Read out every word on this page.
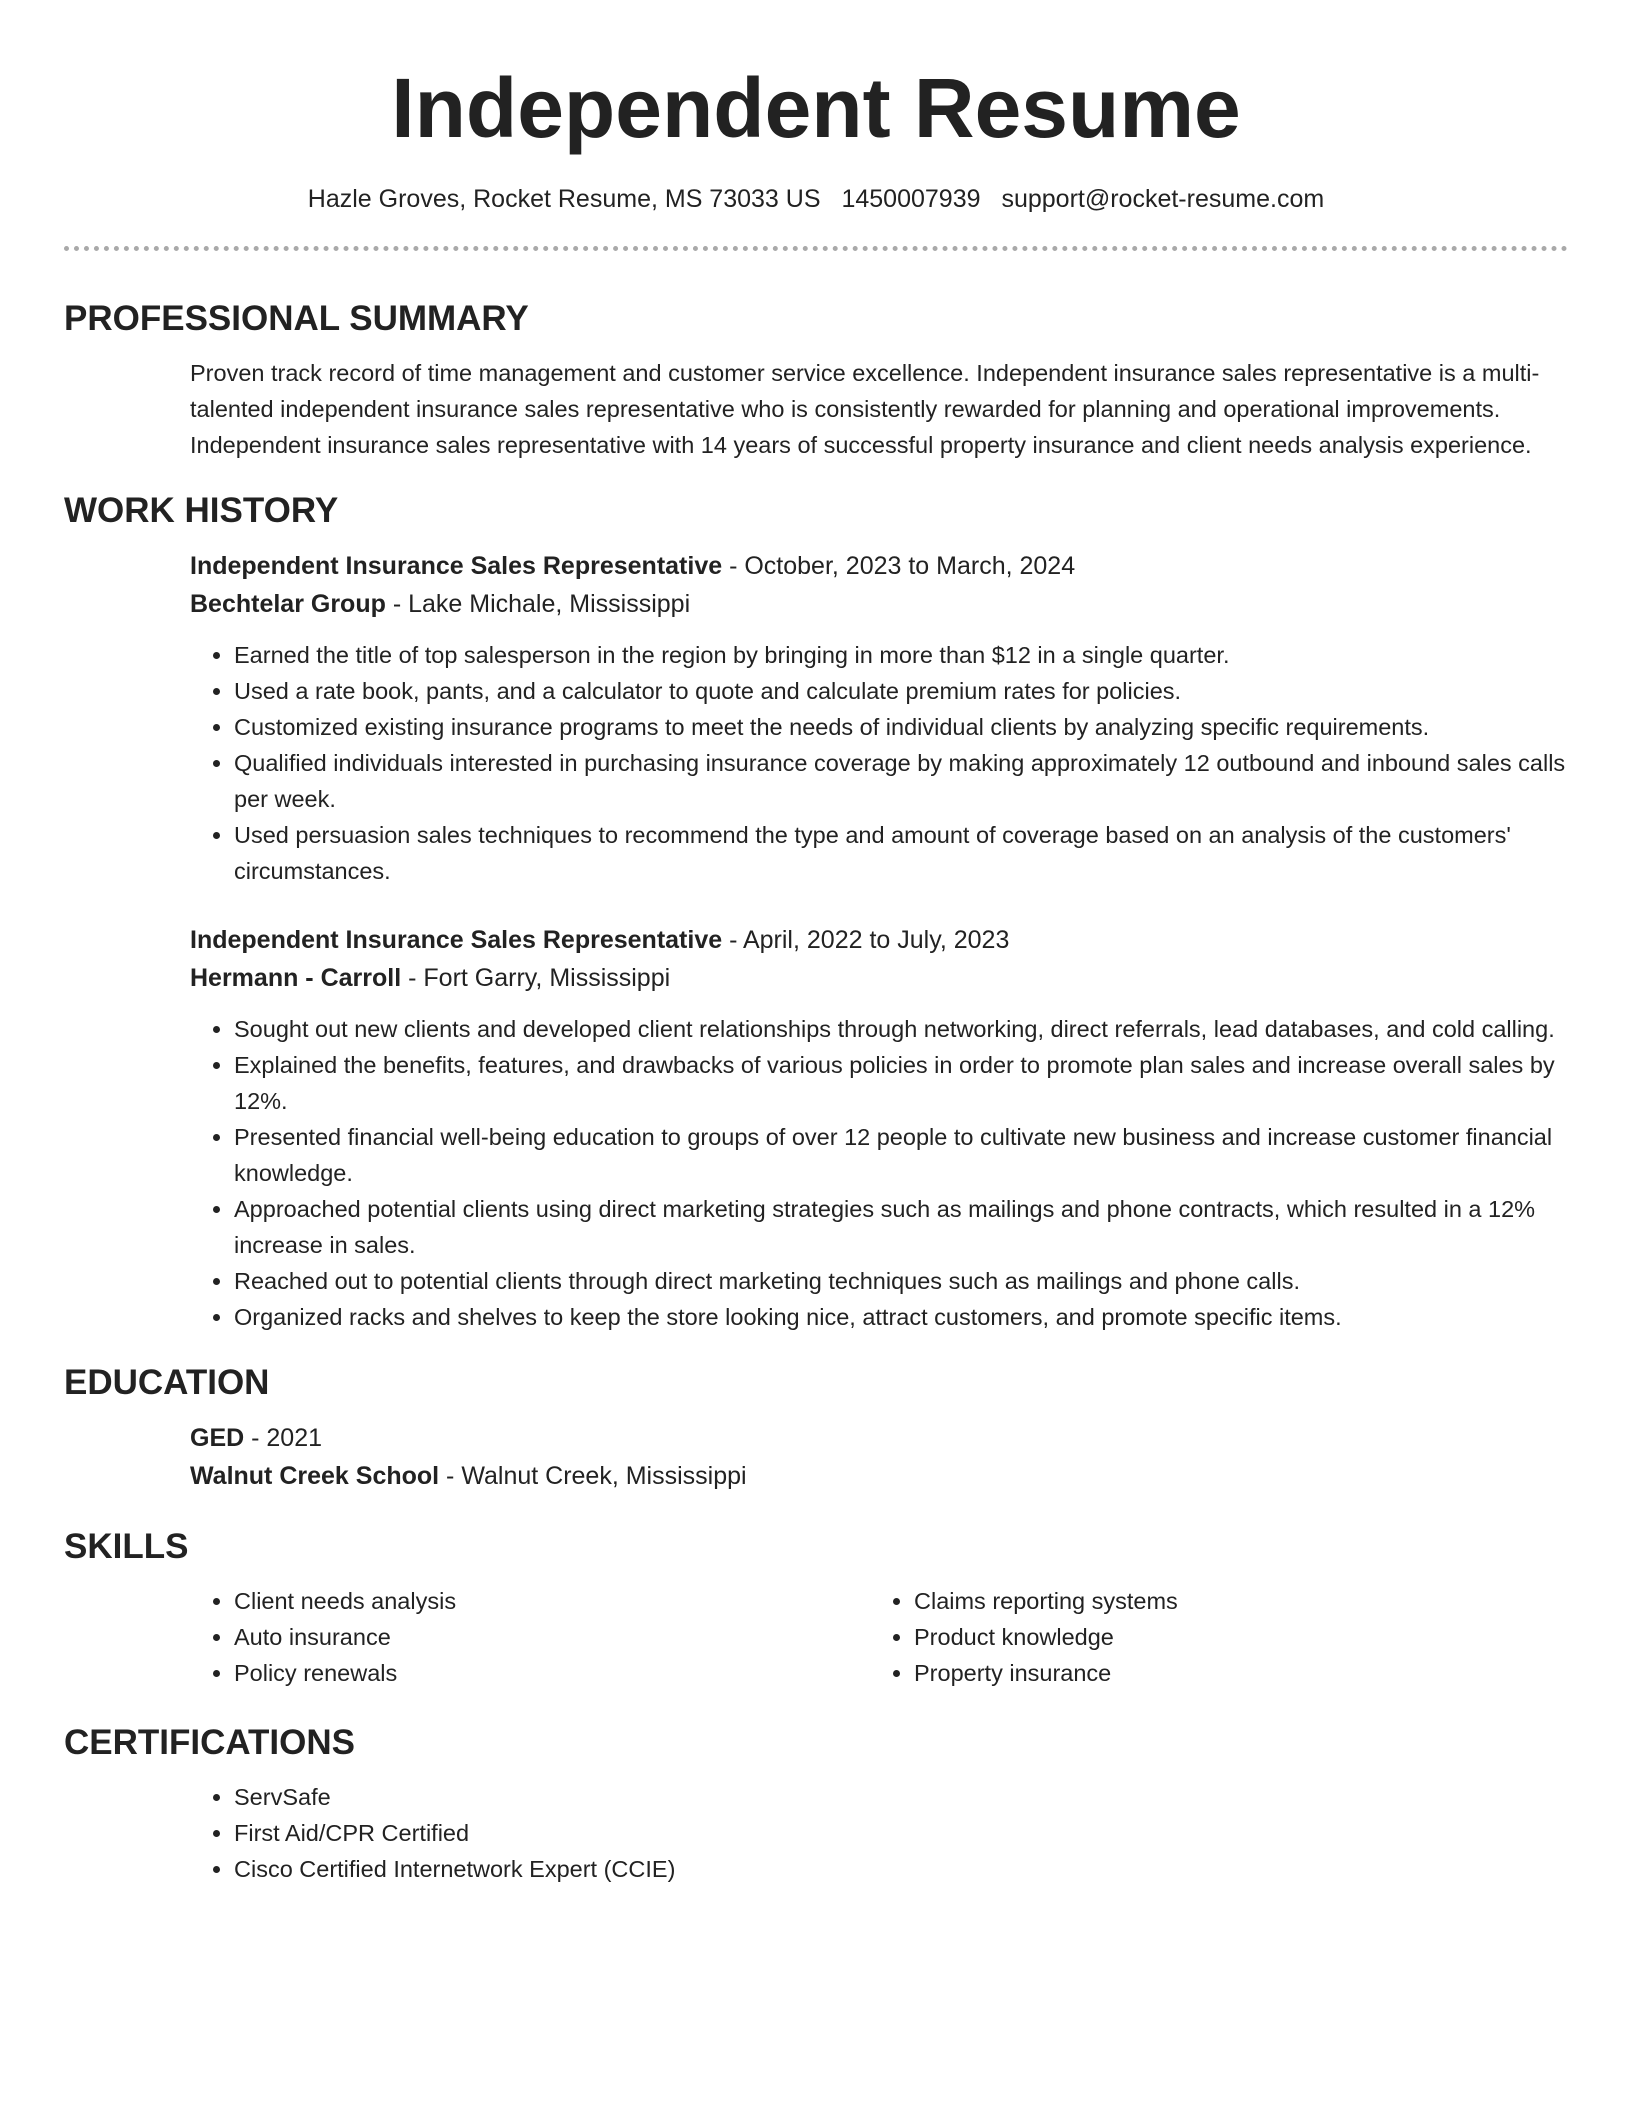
Independent Resume
Hazle Groves, Rocket Resume, MS 73033 US 1450007939 support@rocket-resume.com
PROFESSIONAL SUMMARY

Proven track record of time management and customer service excellence. Independent insurance sales representative is a multi-talented independent insurance sales representative who is consistently rewarded for planning and operational improvements. Independent insurance sales representative with 14 years of successful property insurance and client needs analysis experience.

WORK HISTORY

Independent Insurance Sales Representative - October, 2023 to March, 2024

Bechtelar Group - Lake Michale, Mississippi

• Earned the title of top salesperson in the region by bringing in more than $12 in a single quarter.
• Used a rate book, pants, and a calculator to quote and calculate premium rates for policies.
• Customized existing insurance programs to meet the needs of individual clients by analyzing specific requirements.
• Qualified individuals interested in purchasing insurance coverage by making approximately 12 outbound and inbound sales calls per week.
• Used persuasion sales techniques to recommend the type and amount of coverage based on an analysis of the customers' circumstances.

Independent Insurance Sales Representative - April, 2022 to July, 2023

Hermann - Carroll - Fort Garry, Mississippi

• Sought out new clients and developed client relationships through networking, direct referrals, lead databases, and cold calling.
• Explained the benefits, features, and drawbacks of various policies in order to promote plan sales and increase overall sales by 12%.
• Presented financial well-being education to groups of over 12 people to cultivate new business and increase customer financial knowledge.
• Approached potential clients using direct marketing strategies such as mailings and phone contracts, which resulted in a 12% increase in sales.
• Reached out to potential clients through direct marketing techniques such as mailings and phone calls.
• Organized racks and shelves to keep the store looking nice, attract customers, and promote specific items.
EDUCATION

GED - 2021

Walnut Creek School - Walnut Creek, Mississippi

SKILLS
• Client needs analysis
• Auto insurance
• Policy renewals
• Claims reporting systems
• Product knowledge
• Property insurance
CERTIFICATIONS
• ServSafe
• First Aid/CPR Certified
• Cisco Certified Internetwork Expert (CCIE)
